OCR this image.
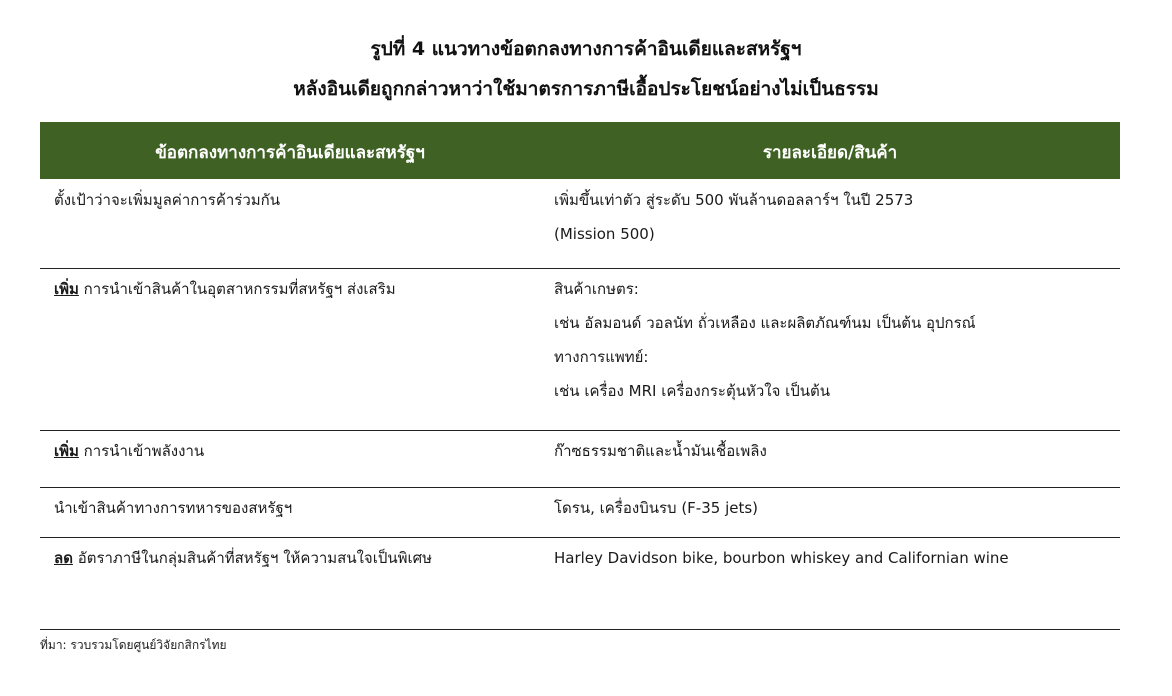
รูปที่ 4 แนวทางข้อตกลงทางการค้าอินเดียและสหรัฐฯ
หลังอินเดียถูกกล่าวหาว่าใช้มาตรการภาษีเอื้อประโยชน์อย่างไม่เป็นธรรม
ข้อตกลงทางการค้าอินเดียและสหรัฐฯ	รายละเอียด/สินค้า
ตั้งเป้าว่าจะเพิ่มมูลค่าการค้าร่วมกัน	เพิ่มขึ้นเท่าตัว สู่ระดับ 500 พันล้านดอลลาร์ฯ ในปี 2573
(Mission 500)
เพิ่ม การนำเข้าสินค้าในอุตสาหกรรมที่สหรัฐฯ ส่งเสริม	สินค้าเกษตร:
เช่น อัลมอนด์ วอลนัท ถั่วเหลือง และผลิตภัณฑ์นม เป็นต้น อุปกรณ์
ทางการแพทย์:
เช่น เครื่อง MRI เครื่องกระตุ้นหัวใจ เป็นต้น
เพิ่ม การนำเข้าพลังงาน	ก๊าซธรรมชาติและน้ำมันเชื้อเพลิง
นำเข้าสินค้าทางการทหารของสหรัฐฯ	โดรน, เครื่องบินรบ (F-35 jets)
ลด อัตราภาษีในกลุ่มสินค้าที่สหรัฐฯ ให้ความสนใจเป็นพิเศษ	Harley Davidson bike, bourbon whiskey and Californian wine
ที่มา: รวบรวมโดยศูนย์วิจัยกสิกรไทย
